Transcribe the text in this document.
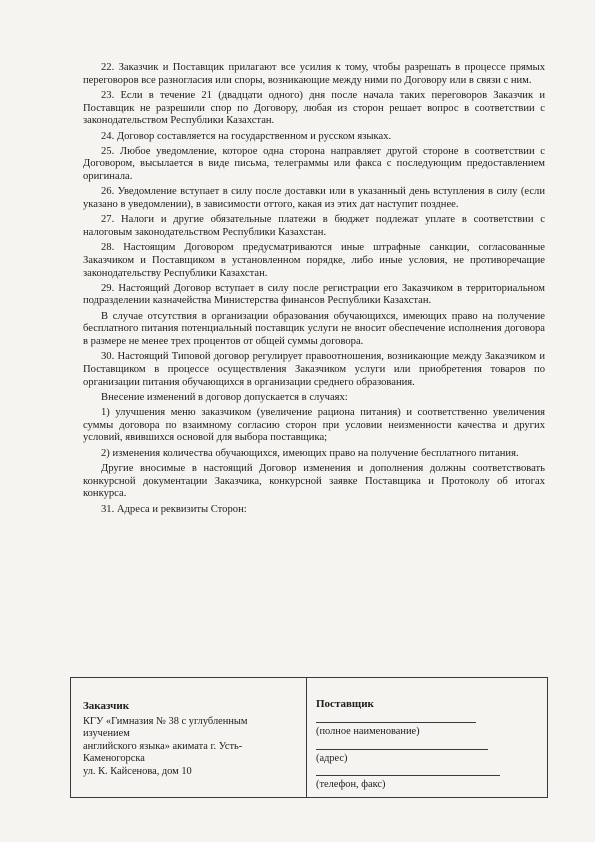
22. Заказчик и Поставщик прилагают все усилия к тому, чтобы разрешать в процессе прямых переговоров все разногласия или споры, возникающие между ними по Договору или в связи с ним.

23. Если в течение 21 (двадцати одного) дня после начала таких переговоров Заказчик и Поставщик не разрешили спор по Договору, любая из сторон решает вопрос в соответствии с законодательством Республики Казахстан.

24. Договор составляется на государственном и русском языках.

25. Любое уведомление, которое одна сторона направляет другой стороне в соответствии с Договором, высылается в виде письма, телеграммы или факса с последующим предоставлением оригинала.

26. Уведомление вступает в силу после доставки или в указанный день вступления в силу (если указано в уведомлении), в зависимости оттого, какая из этих дат наступит позднее.

27. Налоги и другие обязательные платежи в бюджет подлежат уплате в соответствии с налоговым законодательством Республики Казахстан.

28. Настоящим Договором предусматриваются иные штрафные санкции, согласованные Заказчиком и Поставщиком в установленном порядке, либо иные условия, не противоречащие законодательству Республики Казахстан.

29. Настоящий Договор вступает в силу после регистрации его Заказчиком в территориальном подразделении казначейства Министерства финансов Республики Казахстан.

В случае отсутствия в организации образования обучающихся, имеющих право на получение бесплатного питания потенциальный поставщик услуги не вносит обеспечение исполнения договора в размере не менее трех процентов от общей суммы договора.

30. Настоящий Типовой договор регулирует правоотношения, возникающие между Заказчиком и Поставщиком в процессе осуществления Заказчиком услуги или приобретения товаров по организации питания обучающихся в организации среднего образования.

Внесение изменений в договор допускается в случаях:

1) улучшения меню заказчиком (увеличение рациона питания) и соответственно увеличения суммы договора по взаимному согласию сторон при условии неизменности качества и других условий, явившихся основой для выбора поставщика;

2) изменения количества обучающихся, имеющих право на получение бесплатного питания.

Другие вносимые в настоящий Договор изменения и дополнения должны соответствовать конкурсной документации Заказчика, конкурсной заявке Поставщика и Протоколу об итогах конкурса.

31. Адреса и реквизиты Сторон:

Заказчик
КГУ «Гимназия № 38 с углубленным
изучением
английского языка» акимата г. Усть-
Каменогорска
ул. К. Кайсенова, дом 10
Поставщик
(полное наименование)
(адрес)
(телефон, факс)
